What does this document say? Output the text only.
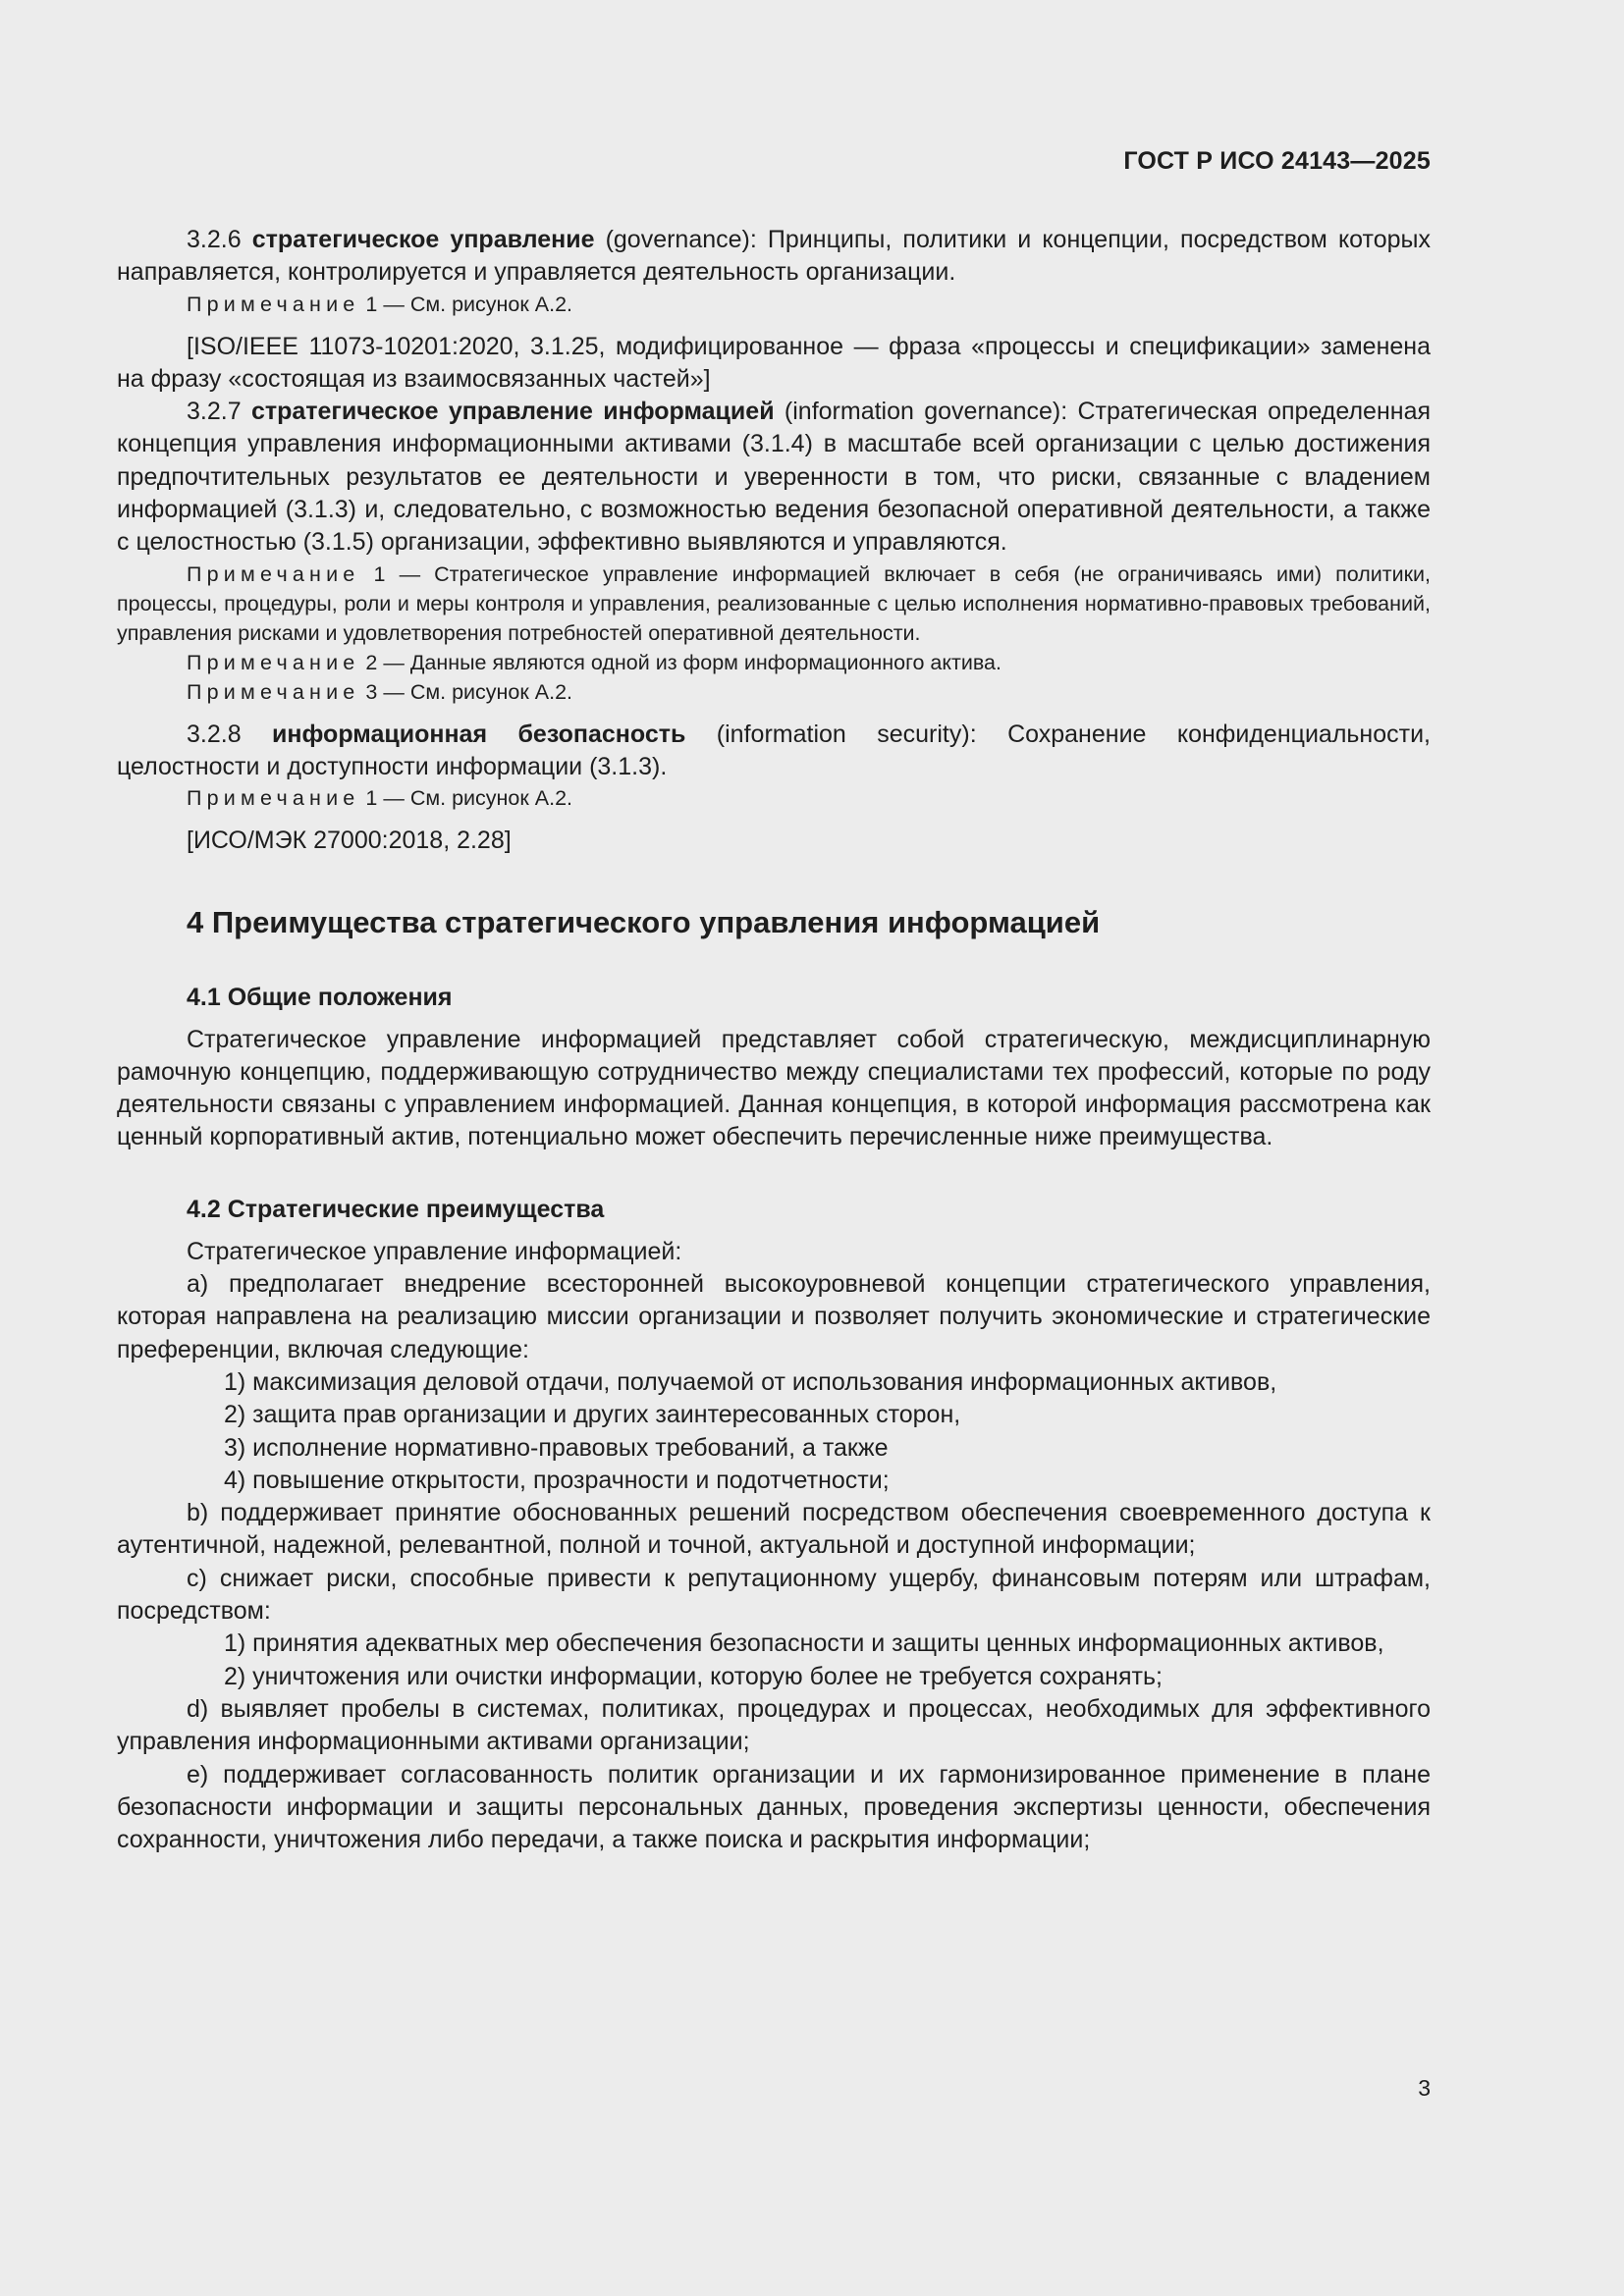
ГОСТ Р ИСО 24143—2025

3.2.6 стратегическое управление (governance): Принципы, политики и концепции, посредством которых направляется, контролируется и управляется деятельность организации.

Примечание 1 — См. рисунок А.2.

[ISO/IEEE 11073-10201:2020, 3.1.25, модифицированное — фраза «процессы и спецификации» заменена на фразу «состоящая из взаимосвязанных частей»]

3.2.7 стратегическое управление информацией (information governance): Стратегическая определенная концепция управления информационными активами (3.1.4) в масштабе всей организации с целью достижения предпочтительных результатов ее деятельности и уверенности в том, что риски, связанные с владением информацией (3.1.3) и, следовательно, с возможностью ведения безопасной оперативной деятельности, а также с целостностью (3.1.5) организации, эффективно выявляются и управляются.

Примечание 1 — Стратегическое управление информацией включает в себя (не ограничиваясь ими) политики, процессы, процедуры, роли и меры контроля и управления, реализованные с целью исполнения нормативно-правовых требований, управления рисками и удовлетворения потребностей оперативной деятельности.

Примечание 2 — Данные являются одной из форм информационного актива.

Примечание 3 — См. рисунок А.2.

3.2.8 информационная безопасность (information security): Сохранение конфиденциальности, целостности и доступности информации (3.1.3).

Примечание 1 — См. рисунок А.2.

[ИСО/МЭК 27000:2018, 2.28]

4 Преимущества стратегического управления информацией
4.1 Общие положения

Стратегическое управление информацией представляет собой стратегическую, междисциплинарную рамочную концепцию, поддерживающую сотрудничество между специалистами тех профессий, которые по роду деятельности связаны с управлением информацией. Данная концепция, в которой информация рассмотрена как ценный корпоративный актив, потенциально может обеспечить перечисленные ниже преимущества.

4.2 Стратегические преимущества

Стратегическое управление информацией:

a) предполагает внедрение всесторонней высокоуровневой концепции стратегического управления, которая направлена на реализацию миссии организации и позволяет получить экономические и стратегические преференции, включая следующие:

1) максимизация деловой отдачи, получаемой от использования информационных активов,

2) защита прав организации и других заинтересованных сторон,

3) исполнение нормативно-правовых требований, а также

4) повышение открытости, прозрачности и подотчетности;

b) поддерживает принятие обоснованных решений посредством обеспечения своевременного доступа к аутентичной, надежной, релевантной, полной и точной, актуальной и доступной информации;

c) снижает риски, способные привести к репутационному ущербу, финансовым потерям или штрафам, посредством:

1) принятия адекватных мер обеспечения безопасности и защиты ценных информационных активов,

2) уничтожения или очистки информации, которую более не требуется сохранять;

d) выявляет пробелы в системах, политиках, процедурах и процессах, необходимых для эффективного управления информационными активами организации;

e) поддерживает согласованность политик организации и их гармонизированное применение в плане безопасности информации и защиты персональных данных, проведения экспертизы ценности, обеспечения сохранности, уничтожения либо передачи, а также поиска и раскрытия информации;

3
